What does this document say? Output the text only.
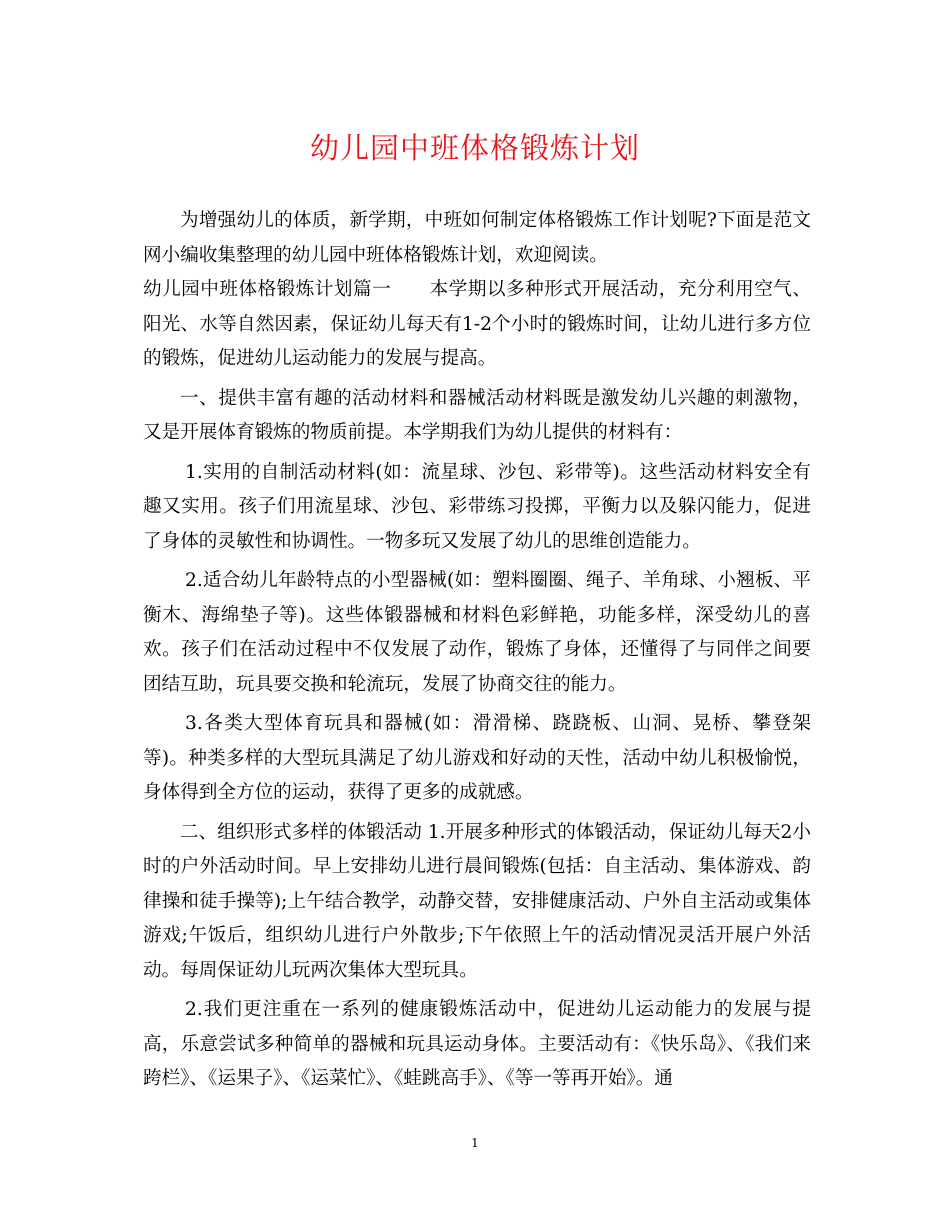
幼儿园中班体格锻炼计划

为增强幼儿的体质，新学期，中班如何制定体格锻炼工作计划呢?下面是范文网小编收集整理的幼儿园中班体格锻炼计划，欢迎阅读。

幼儿园中班体格锻炼计划篇一 本学期以多种形式开展活动，充分利用空气、阳光、水等自然因素，保证幼儿每天有1-2个小时的锻炼时间，让幼儿进行多方位的锻炼，促进幼儿运动能力的发展与提高。

一、提供丰富有趣的活动材料和器械活动材料既是激发幼儿兴趣的刺激物，又是开展体育锻炼的物质前提。本学期我们为幼儿提供的材料有：

1.实用的自制活动材料(如：流星球、沙包、彩带等)。这些活动材料安全有趣又实用。孩子们用流星球、沙包、彩带练习投掷，平衡力以及躲闪能力，促进了身体的灵敏性和协调性。一物多玩又发展了幼儿的思维创造能力。

2.适合幼儿年龄特点的小型器械(如：塑料圈圈、绳子、羊角球、小翘板、平衡木、海绵垫子等)。这些体锻器械和材料色彩鲜艳，功能多样，深受幼儿的喜欢。孩子们在活动过程中不仅发展了动作，锻炼了身体，还懂得了与同伴之间要团结互助，玩具要交换和轮流玩，发展了协商交往的能力。

3.各类大型体育玩具和器械(如：滑滑梯、跷跷板、山洞、晃桥、攀登架等)。种类多样的大型玩具满足了幼儿游戏和好动的天性，活动中幼儿积极愉悦，身体得到全方位的运动，获得了更多的成就感。

二、组织形式多样的体锻活动 1.开展多种形式的体锻活动，保证幼儿每天2小时的户外活动时间。早上安排幼儿进行晨间锻炼(包括：自主活动、集体游戏、韵律操和徒手操等);上午结合教学，动静交替，安排健康活动、户外自主活动或集体游戏;午饭后，组织幼儿进行户外散步;下午依照上午的活动情况灵活开展户外活动。每周保证幼儿玩两次集体大型玩具。

2.我们更注重在一系列的健康锻炼活动中，促进幼儿运动能力的发展与提高，乐意尝试多种简单的器械和玩具运动身体。主要活动有：《快乐岛》、《我们来跨栏》、《运果子》、《运菜忙》、《蛙跳高手》、《等一等再开始》。通

1
